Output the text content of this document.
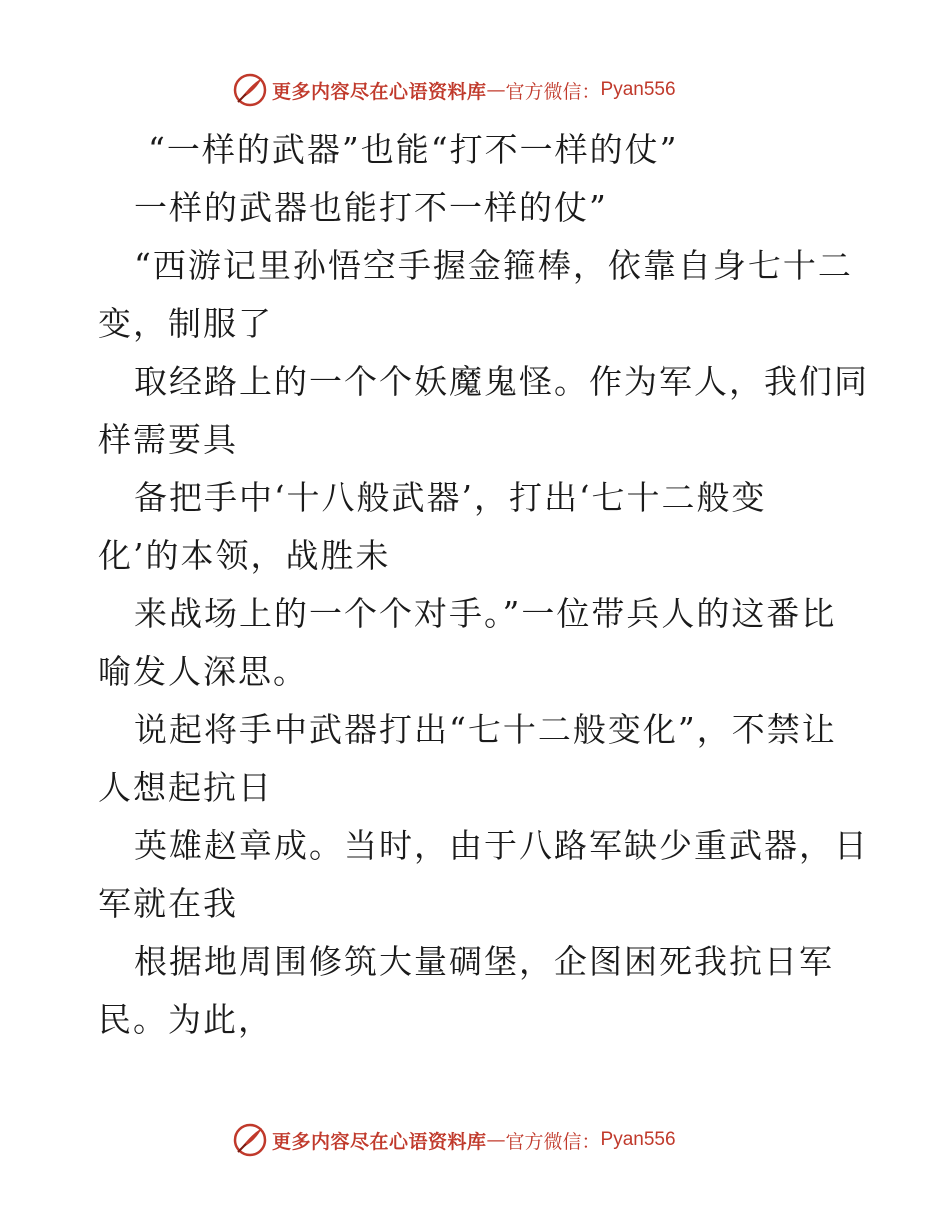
更多内容尽在心语资料库 — 官方微信： Pyan556
“一样的武器”也能“打不一样的仗”
一样的武器也能打不一样的仗”
“西游记里孙悟空手握金箍棒，依靠自身七十二
变，制服了
取经路上的一个个妖魔鬼怪。作为军人，我们同
样需要具
备把手中‘十八般武器’，打出‘七十二般变
化’的本领，战胜未
来战场上的一个个对手。”一位带兵人的这番比
喻发人深思。
说起将手中武器打出“七十二般变化”，不禁让
人想起抗日
英雄赵章成。当时，由于八路军缺少重武器，日
军就在我
根据地周围修筑大量碉堡，企图困死我抗日军
民。为此，
更多内容尽在心语资料库 — 官方微信： Pyan556
